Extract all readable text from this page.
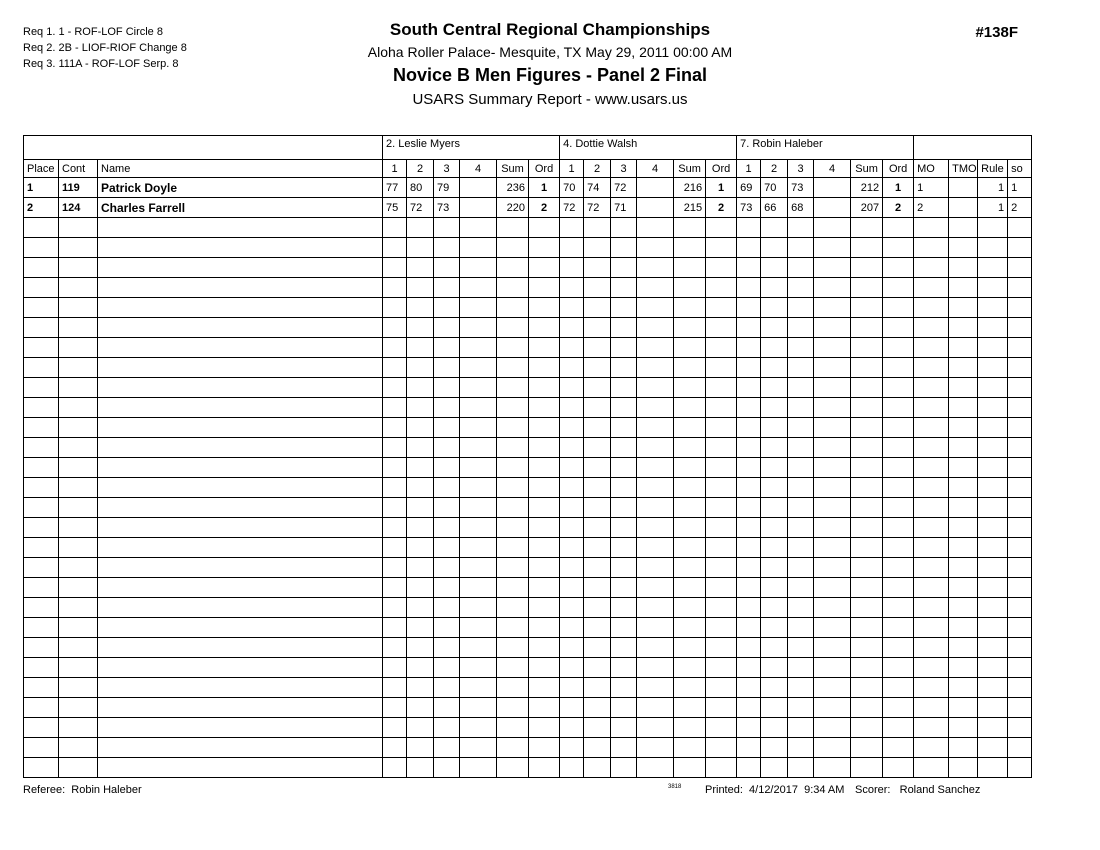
Req 1. 1 - ROF-LOF Circle 8
Req 2. 2B - LIOF-RIOF Change 8
Req 3. 111A - ROF-LOF Serp. 8
South Central Regional Championships
Aloha Roller Palace- Mesquite, TX May 29, 2011 00:00 AM
Novice B Men Figures - Panel 2 Final
USARS Summary Report - www.usars.us
#138F
			2. Leslie Myers						4. Dottie Walsh						7. Robin Haleber									
Place	Cont	Name	1	2	3	4	Sum	Ord	1	2	3	4	Sum	Ord	1	2	3	4	Sum	Ord	MO	TMO	Rule	so
1	119	Patrick Doyle	77	80	79		236	1	70	74	72		216	1	69	70	73		212	1	1		1	1
2	124	Charles Farrell	75	72	73		220	2	72	72	71		215	2	73	66	68		207	2	2		1	2

Referee:  Robin Haleber	3818 Printed:  4/12/2017  9:34 AM Scorer:   Roland Sanchez
